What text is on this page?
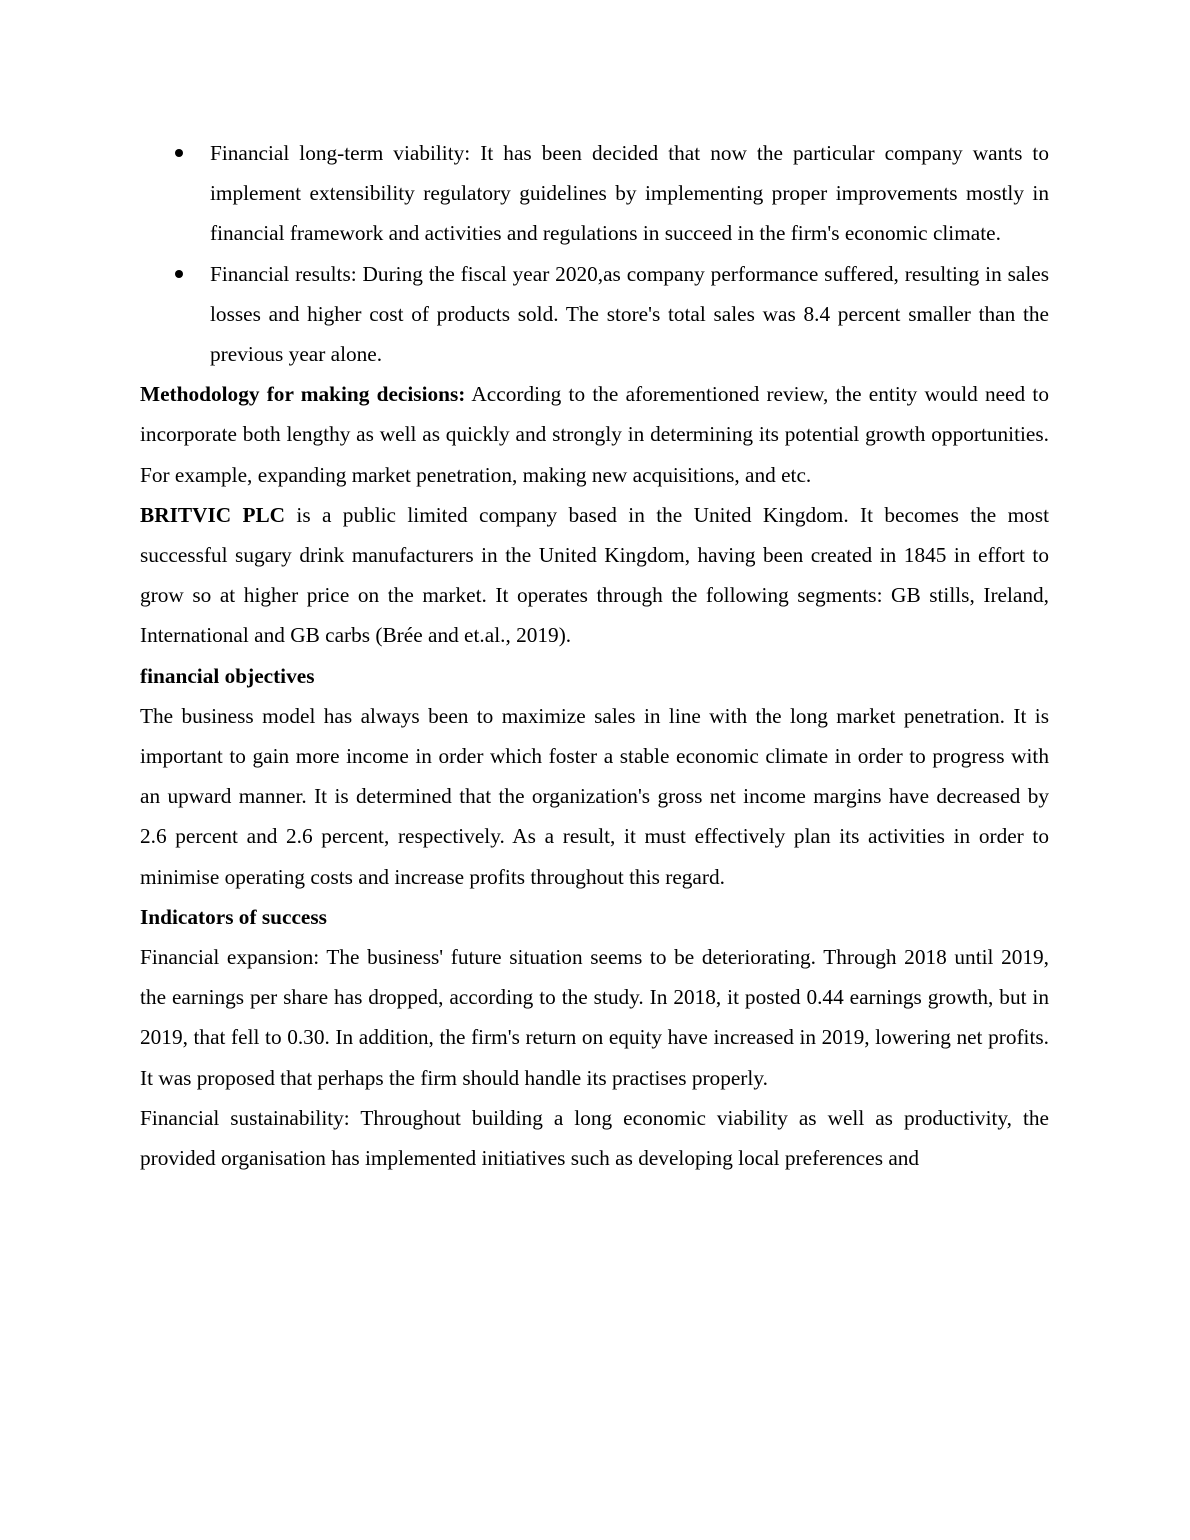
Financial long-term viability: It has been decided that now the particular company wants to implement extensibility regulatory guidelines by implementing proper improvements mostly in financial framework and activities and regulations in succeed in the firm's economic climate.
Financial results: During the fiscal year 2020,as company performance suffered, resulting in sales losses and higher cost of products sold. The store's total sales was 8.4 percent smaller than the previous year alone.

Methodology for making decisions: According to the aforementioned review, the entity would need to incorporate both lengthy as well as quickly and strongly in determining its potential growth opportunities. For example, expanding market penetration, making new acquisitions, and etc.

BRITVIC PLC is a public limited company based in the United Kingdom. It becomes the most successful sugary drink manufacturers in the United Kingdom, having been created in 1845 in effort to grow so at higher price on the market. It operates through the following segments: GB stills, Ireland, International and GB carbs (Brée and et.al., 2019).

financial objectives

The business model has always been to maximize sales in line with the long market penetration. It is important to gain more income in order which foster a stable economic climate in order to progress with an upward manner. It is determined that the organization's gross net income margins have decreased by 2.6 percent and 2.6 percent, respectively. As a result, it must effectively plan its activities in order to minimise operating costs and increase profits throughout this regard.

Indicators of success

Financial expansion: The business' future situation seems to be deteriorating. Through 2018 until 2019, the earnings per share has dropped, according to the study. In 2018, it posted 0.44 earnings growth, but in 2019, that fell to 0.30. In addition, the firm's return on equity have increased in 2019, lowering net profits. It was proposed that perhaps the firm should handle its practises properly.

Financial sustainability: Throughout building a long economic viability as well as productivity, the provided organisation has implemented initiatives such as developing local preferences and
